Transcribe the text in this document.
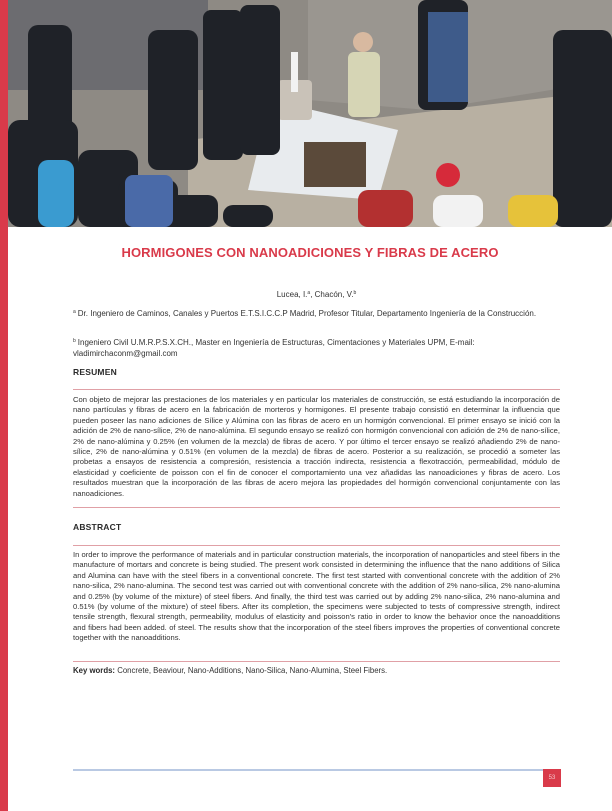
HORMIGONES CON NANOADICIONES Y FIBRAS DE ACERO
Lucea, I.$^a$, Chacón, V.$^b$
$^a$ Dr. Ingeniero de Caminos, Canales y Puertos E.T.S.I.C.C.P Madrid, Profesor Titular, Departamento Ingeniería de la Construcción.
$^b$ Ingeniero Civil U.M.R.P.S.X.CH., Master en Ingeniería de Estructuras, Cimentaciones y Materiales UPM, E-mail: vladimirchaconm@gmail.com
RESUMEN

Con objeto de mejorar las prestaciones de los materiales y en particular los materiales de construcción, se está estudiando la incorporación de nano partículas y fibras de acero en la fabricación de morteros y hormigones. El presente trabajo consistió en determinar la influencia que pueden poseer las nano adiciones de Sílice y Alúmina con las fibras de acero en un hormigón convencional. El primer ensayo se inició con la adición de 2% de nano-sílice, 2% de nano-alúmina. El segundo ensayo se realizó con hormigón convencional con adición de 2% de nano-sílice, 2% de nano-alúmina y 0.25% (en volumen de la mezcla) de fibras de acero. Y por último el tercer ensayo se realizó añadiendo 2% de nano-sílice, 2% de nano-alúmina y 0.51% (en volumen de la mezcla) de fibras de acero. Posterior a su realización, se procedió a someter las probetas a ensayos de resistencia a compresión, resistencia a tracción indirecta, resistencia a flexotracción, permeabilidad, módulo de elasticidad y coeficiente de poisson con el fin de conocer el comportamiento una vez añadidas las nanoadiciones y fibras de acero. Los resultados muestran que la incorporación de las fibras de acero mejora las propiedades del hormigón convencional conjuntamente con las nanoadiciones.

ABSTRACT

In order to improve the performance of materials and in particular construction materials, the incorporation of nanoparticles and steel fibers in the manufacture of mortars and concrete is being studied. The present work consisted in determining the influence that the nano additions of Silica and Alumina can have with the steel fibers in a conventional concrete. The first test started with conventional concrete with the addition of 2% nano-silica, 2% nano-alumina. The second test was carried out with conventional concrete with the addition of 2% nano-silica, 2% nano-alumina and 0.25% (by volume of the mixture) of steel fibers. And finally, the third test was carried out by adding 2% nano-silica, 2% nano-alumina and 0.51% (by volume of the mixture) of steel fibers. After its completion, the specimens were subjected to tests of compressive strength, indirect tensile strength, flexural strength, permeability, modulus of elasticity and poisson's ratio in order to know the behavior once the nanoadditions and fibers had been added. of steel. The results show that the incorporation of the steel fibers improves the properties of conventional concrete together with the nanoadditions.

Key words: Concrete, Beaviour, Nano-Additions, Nano-Silica, Nano-Alumina, Steel Fibers.
53
